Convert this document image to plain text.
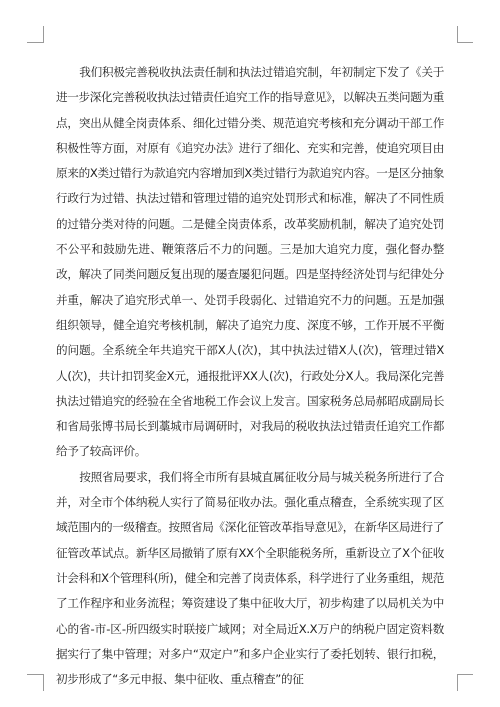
我们积极完善税收执法责任制和执法过错追究制，年初制定下发了《关于进一步深化完善税收执法过错责任追究工作的指导意见》，以解决五类问题为重点，突出从健全岗责体系、细化过错分类、规范追究考核和充分调动干部工作积极性等方面，对原有《追究办法》进行了细化、充实和完善，使追究项目由原来的X类过错行为款追究内容增加到X类过错行为款追究内容。一是区分抽象行政行为过错、执法过错和管理过错的追究处罚形式和标准，解决了不同性质的过错分类对待的问题。二是健全岗责体系，改革奖励机制，解决了追究处罚不公平和鼓励先进、鞭策落后不力的问题。三是加大追究力度，强化督办整改，解决了同类问题反复出现的屡查屡犯问题。四是坚持经济处罚与纪律处分并重，解决了追究形式单一、处罚手段弱化、过错追究不力的问题。五是加强组织领导，健全追究考核机制，解决了追究力度、深度不够，工作开展不平衡的问题。全系统全年共追究干部X人(次)，其中执法过错X人(次)，管理过错X人(次)，共计扣罚奖金X元，通报批评XX人(次)，行政处分X人。我局深化完善执法过错追究的经验在全省地税工作会议上发言。国家税务总局郝昭成副局长和省局张博书局长到藁城市局调研时，对我局的税收执法过错责任追究工作都给予了较高评价。

按照省局要求，我们将全市所有县城直属征收分局与城关税务所进行了合并，对全市个体纳税人实行了简易征收办法。强化重点稽查，全系统实现了区域范围内的一级稽查。按照省局《深化征管改革指导意见》，在新华区局进行了征管改革试点。新华区局撤销了原有XX个全职能税务所，重新设立了X个征收计会科和X个管理科(所)，健全和完善了岗责体系，科学进行了业务重组，规范了工作程序和业务流程；筹资建设了集中征收大厅，初步构建了以局机关为中心的省-市-区-所四级实时联接广域网；对全局近X.X万户的纳税户固定资料数据实行了集中管理；对多户“双定户”和多户企业实行了委托划转、银行扣税，初步形成了“多元申报、集中征收、重点稽查”的征
